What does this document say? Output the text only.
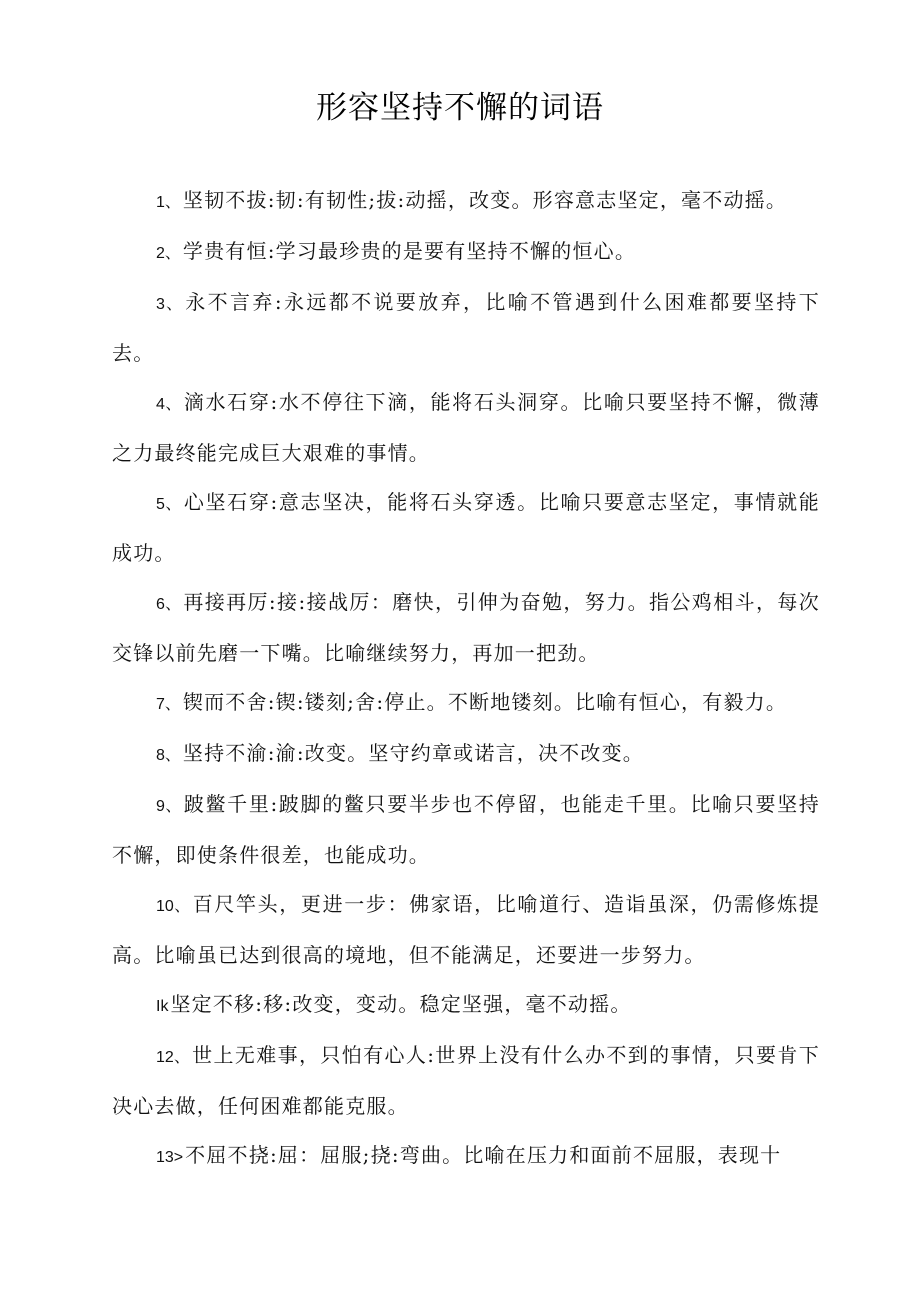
形容坚持不懈的词语

1、 坚韧不拔:韧:有韧性;拔:动摇，改变。形容意志坚定，毫不动摇。

2、 学贵有恒:学习最珍贵的是要有坚持不懈的恒心。

3、 永不言弃:永远都不说要放弃，比喻不管遇到什么困难都要坚持下去。

4、 滴水石穿:水不停往下滴，能将石头洞穿。比喻只要坚持不懈，微薄之力最终能完成巨大艰难的事情。

5、 心坚石穿:意志坚决，能将石头穿透。比喻只要意志坚定，事情就能成功。

6、 再接再厉:接:接战厉：磨快，引伸为奋勉，努力。指公鸡相斗，每次交锋以前先磨一下嘴。比喻继续努力，再加一把劲。

7、 锲而不舍:锲:镂刻;舍:停止。不断地镂刻。比喻有恒心，有毅力。

8、 坚持不渝:渝:改变。坚守约章或诺言，决不改变。

9、 跛鳖千里:跛脚的鳖只要半步也不停留，也能走千里。比喻只要坚持不懈，即使条件很差，也能成功。

10、 百尺竿头，更进一步：佛家语，比喻道行、造诣虽深，仍需修炼提高。比喻虽已达到很高的境地，但不能满足，还要进一步努力。

Ik 坚定不移:移:改变，变动。稳定坚强，毫不动摇。

12、 世上无难事，只怕有心人:世界上没有什么办不到的事情，只要肯下决心去做，任何困难都能克服。

13> 不屈不挠:屈：屈服;挠:弯曲。比喻在压力和面前不屈服，表现十
